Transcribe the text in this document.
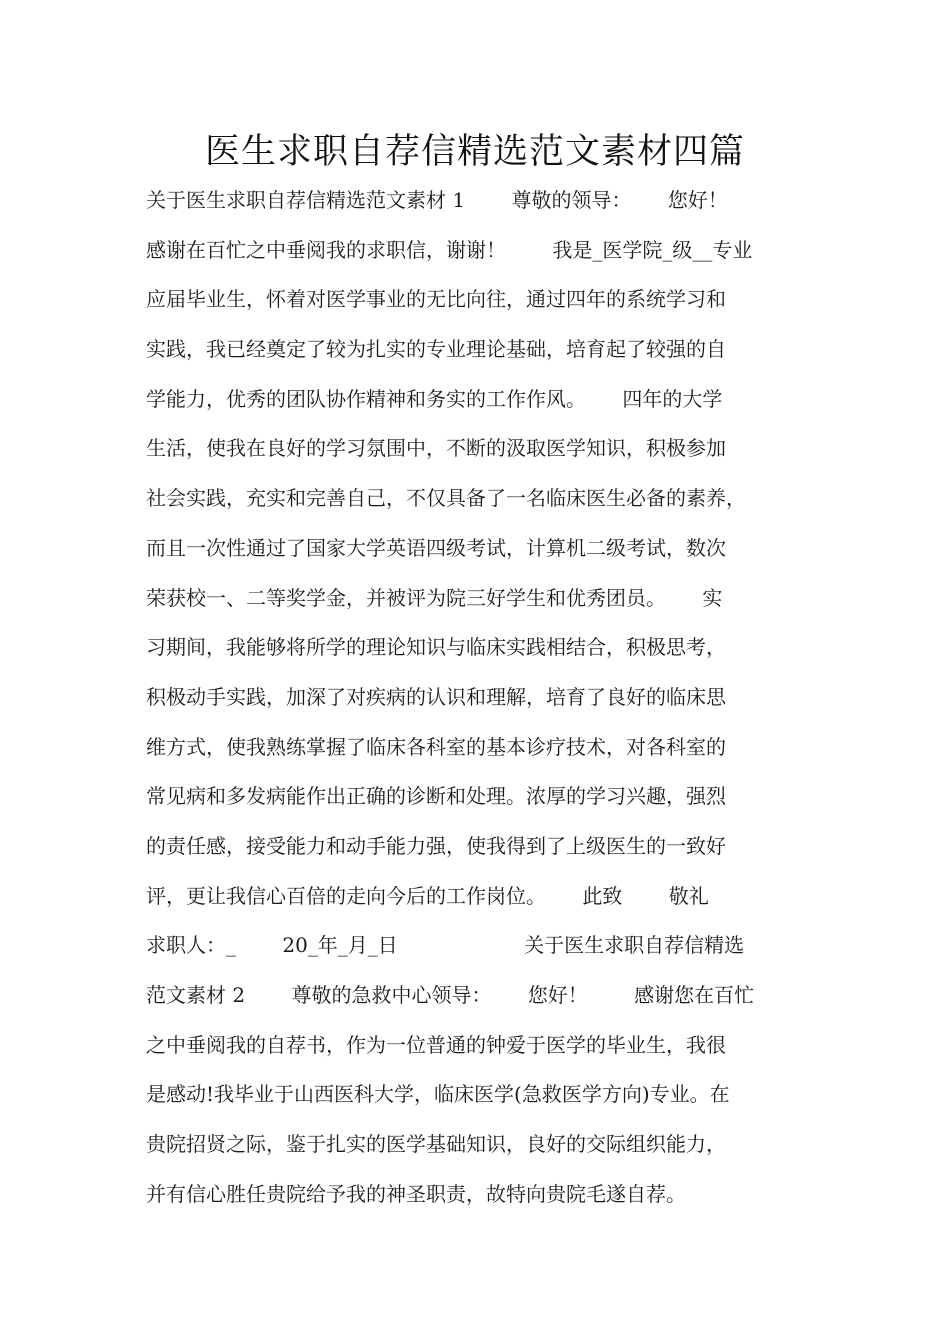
医生求职自荐信精选范文素材四篇
关于医生求职自荐信精选范文素材 1　　 尊敬的领导：　　 您好！
感谢在百忙之中垂阅我的求职信，谢谢！　　 我是_医学院_级__专业
应届毕业生，怀着对医学事业的无比向往，通过四年的系统学习和
实践，我已经奠定了较为扎实的专业理论基础，培育起了较强的自
学能力，优秀的团队协作精神和务实的工作作风。　　 四年的大学
生活，使我在良好的学习氛围中，不断的汲取医学知识，积极参加
社会实践，充实和完善自己，不仅具备了一名临床医生必备的素养，
而且一次性通过了国家大学英语四级考试，计算机二级考试，数次
荣获校一、二等奖学金，并被评为院三好学生和优秀团员。　　 实
习期间，我能够将所学的理论知识与临床实践相结合，积极思考，
积极动手实践，加深了对疾病的认识和理解，培育了良好的临床思
维方式，使我熟练掌握了临床各科室的基本诊疗技术，对各科室的
常见病和多发病能作出正确的诊断和处理。浓厚的学习兴趣，强烈
的责任感，接受能力和动手能力强，使我得到了上级医生的一致好
评，更让我信心百倍的走向今后的工作岗位。　　 此致　　 敬礼
求职人：_　　 20_年_月_日　　　　　　 关于医生求职自荐信精选
范文素材 2　　 尊敬的急救中心领导：　　 您好！　　 感谢您在百忙
之中垂阅我的自荐书，作为一位普通的钟爱于医学的毕业生，我很
是感动!我毕业于山西医科大学，临床医学(急救医学方向)专业。在
贵院招贤之际，鉴于扎实的医学基础知识，良好的交际组织能力，
并有信心胜任贵院给予我的神圣职责，故特向贵院毛遂自荐。
